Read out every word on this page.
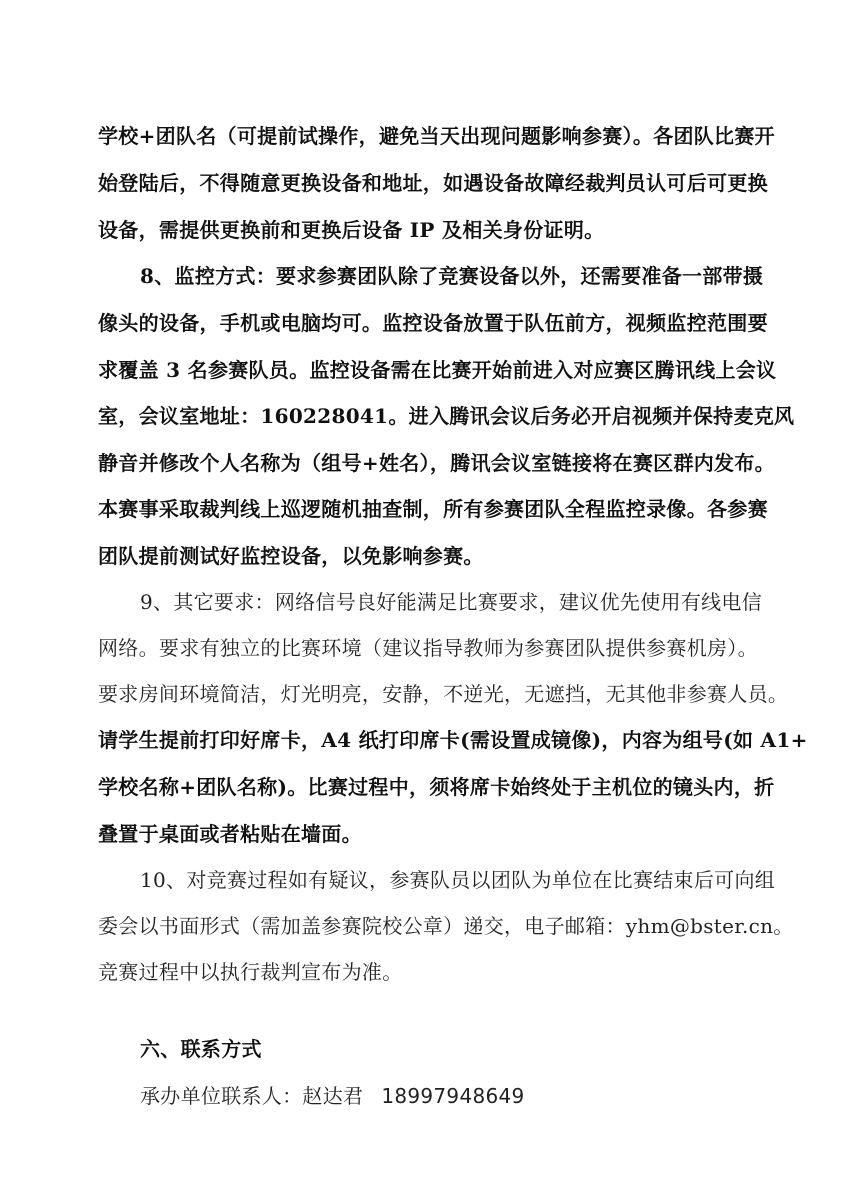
学校+团队名（可提前试操作，避免当天出现问题影响参赛）。各团队比赛开
始登陆后，不得随意更换设备和地址，如遇设备故障经裁判员认可后可更换
设备，需提供更换前和更换后设备 IP 及相关身份证明。
8、监控方式：要求参赛团队除了竞赛设备以外，还需要准备一部带摄
像头的设备，手机或电脑均可。监控设备放置于队伍前方，视频监控范围要
求覆盖 3 名参赛队员。监控设备需在比赛开始前进入对应赛区腾讯线上会议
室，会议室地址：160228041。进入腾讯会议后务必开启视频并保持麦克风
静音并修改个人名称为（组号+姓名），腾讯会议室链接将在赛区群内发布。
本赛事采取裁判线上巡逻随机抽查制，所有参赛团队全程监控录像。各参赛
团队提前测试好监控设备，以免影响参赛。
9、其它要求：网络信号良好能满足比赛要求，建议优先使用有线电信
网络。要求有独立的比赛环境（建议指导教师为参赛团队提供参赛机房）。
要求房间环境简洁，灯光明亮，安静，不逆光，无遮挡，无其他非参赛人员。
请学生提前打印好席卡，A4 纸打印席卡(需设置成镜像)，内容为组号(如 A1+
学校名称+团队名称)。比赛过程中，须将席卡始终处于主机位的镜头内，折
叠置于桌面或者粘贴在墙面。
10、对竞赛过程如有疑议，参赛队员以团队为单位在比赛结束后可向组
委会以书面形式（需加盖参赛院校公章）递交，电子邮箱：yhm@bster.cn。
竞赛过程中以执行裁判宣布为准。
六、联系方式
承办单位联系人：赵达君 18997948649
